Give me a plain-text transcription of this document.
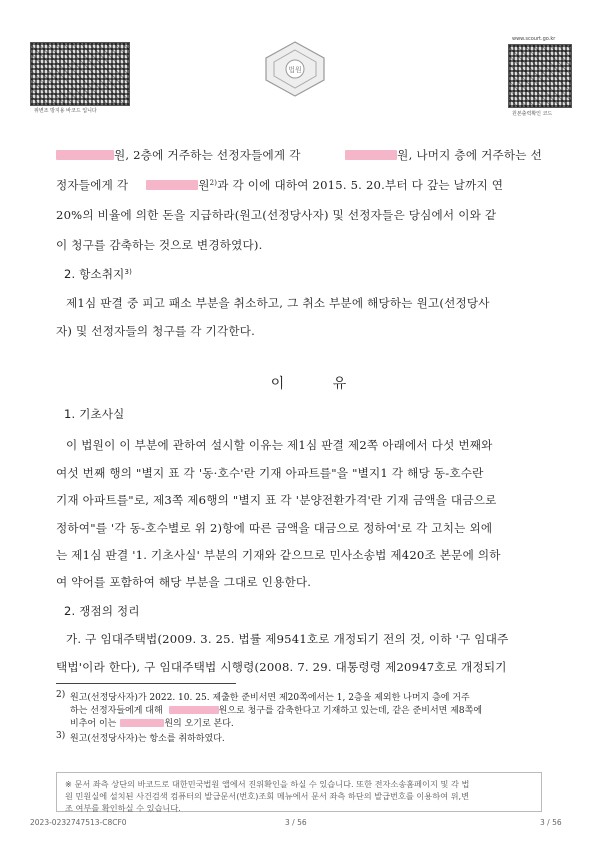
위변조 방지용 바코드 입니다
법원
www.scourt.go.kr
원본출력확인 코드
원, 2층에 거주하는 선정자들에게 각	원, 나머지 층에 거주하는 선
정자들에게 각	원$^{2)}$과 각 이에 대하여 2015. 5. 20.부터 다 갚는 날까지 연
20%의 비율에 의한 돈을 지급하라(원고(선정당사자) 및 선정자들은 당심에서 이와 같
이 청구를 감축하는 것으로 변경하였다).
2. 항소취지$^{3)}$
제1심 판결 중 피고 패소 부분을 취소하고, 그 취소 부분에 해당하는 원고(선정당사
자) 및 선정자들의 청구를 각 기각한다.
이 유
1. 기초사실
이 법원이 이 부분에 관하여 설시할 이유는 제1심 판결 제2쪽 아래에서 다섯 번째와
여섯 번째 행의 "별지 표 각 '동·호수'란 기재 아파트를"을 "별지1 각 해당 동-호수란
기재 아파트를"로, 제3쪽 제6행의 "별지 표 각 '분양전환가격'란 기재 금액을 대금으로
정하여"를 '각 동-호수별로 위 2)항에 따른 금액을 대금으로 정하여'로 각 고치는 외에
는 제1심 판결 '1. 기초사실' 부분의 기재와 같으므로 민사소송법 제420조 본문에 의하
여 약어를 포함하여 해당 부분을 그대로 인용한다.
2. 쟁점의 정리
가. 구 임대주택법(2009. 3. 25. 법률 제9541호로 개정되기 전의 것, 이하 '구 임대주
택법'이라 한다), 구 임대주택법 시행령(2008. 7. 29. 대통령령 제20947호로 개정되기
2) 원고(선정당사자)가 2022. 10. 25. 제출한 준비서면 제20쪽에서는 1, 2층을 제외한 나머지 층에 거주
하는 선정자들에게 대해	원으로 청구를 감축한다고 기재하고 있는데, 같은 준비서면 제8쪽에
비추어 이는	원의 오기로 본다.
3) 원고(선정당사자)는 항소를 취하하였다.
※ 문서 좌측 상단의 바코드로 대한민국법원 앱에서 진위확인을 하실 수 있습니다. 또한 전자소송홈페이지 및 각 법
원 민원실에 설치된 사건검색 컴퓨터의 발급문서(번호)조회 메뉴에서 문서 좌측 하단의 발급번호를 이용하여 위,변
조 여부를 확인하실 수 있습니다.
2023-0232747513-C8CF0	3 / 56	3 / 56
